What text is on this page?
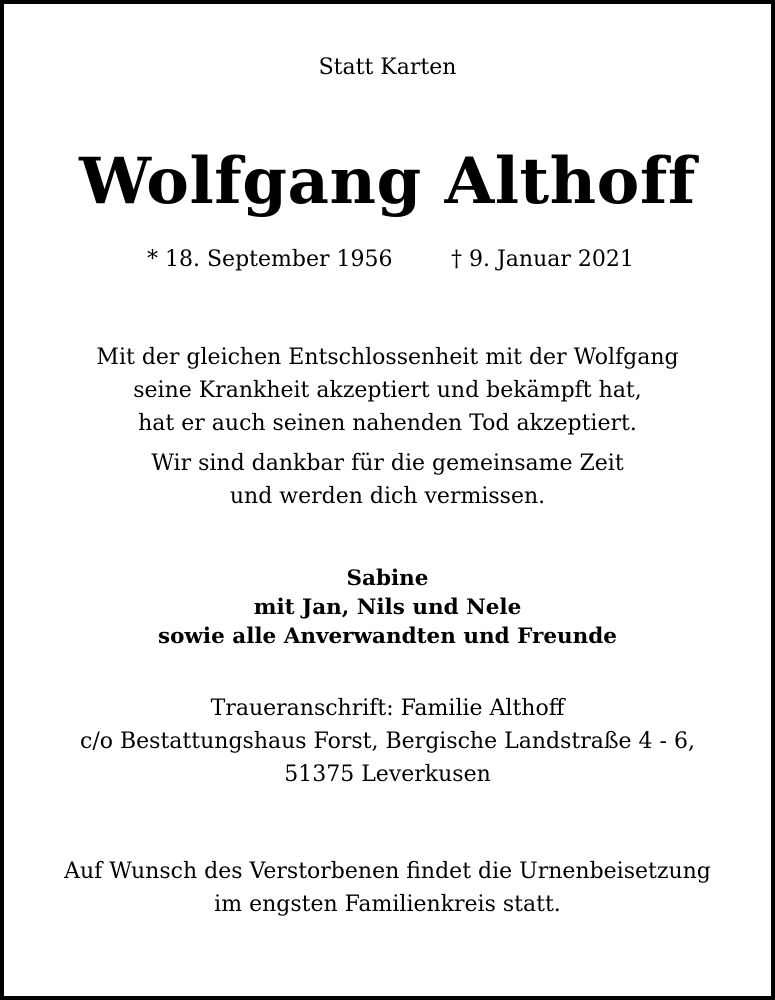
Statt Karten
Wolfgang Althoff
* 18. September 1956	† 9. Januar 2021
Mit der gleichen Entschlossenheit mit der Wolfgang
seine Krankheit akzeptiert und bekämpft hat,
hat er auch seinen nahenden Tod akzeptiert.
Wir sind dankbar für die gemeinsame Zeit
und werden dich vermissen.
Sabine
mit Jan, Nils und Nele
sowie alle Anverwandten und Freunde
Traueranschrift: Familie Althoff
c/o Bestattungshaus Forst, Bergische Landstraße 4 - 6,
51375 Leverkusen
Auf Wunsch des Verstorbenen findet die Urnenbeisetzung
im engsten Familienkreis statt.
